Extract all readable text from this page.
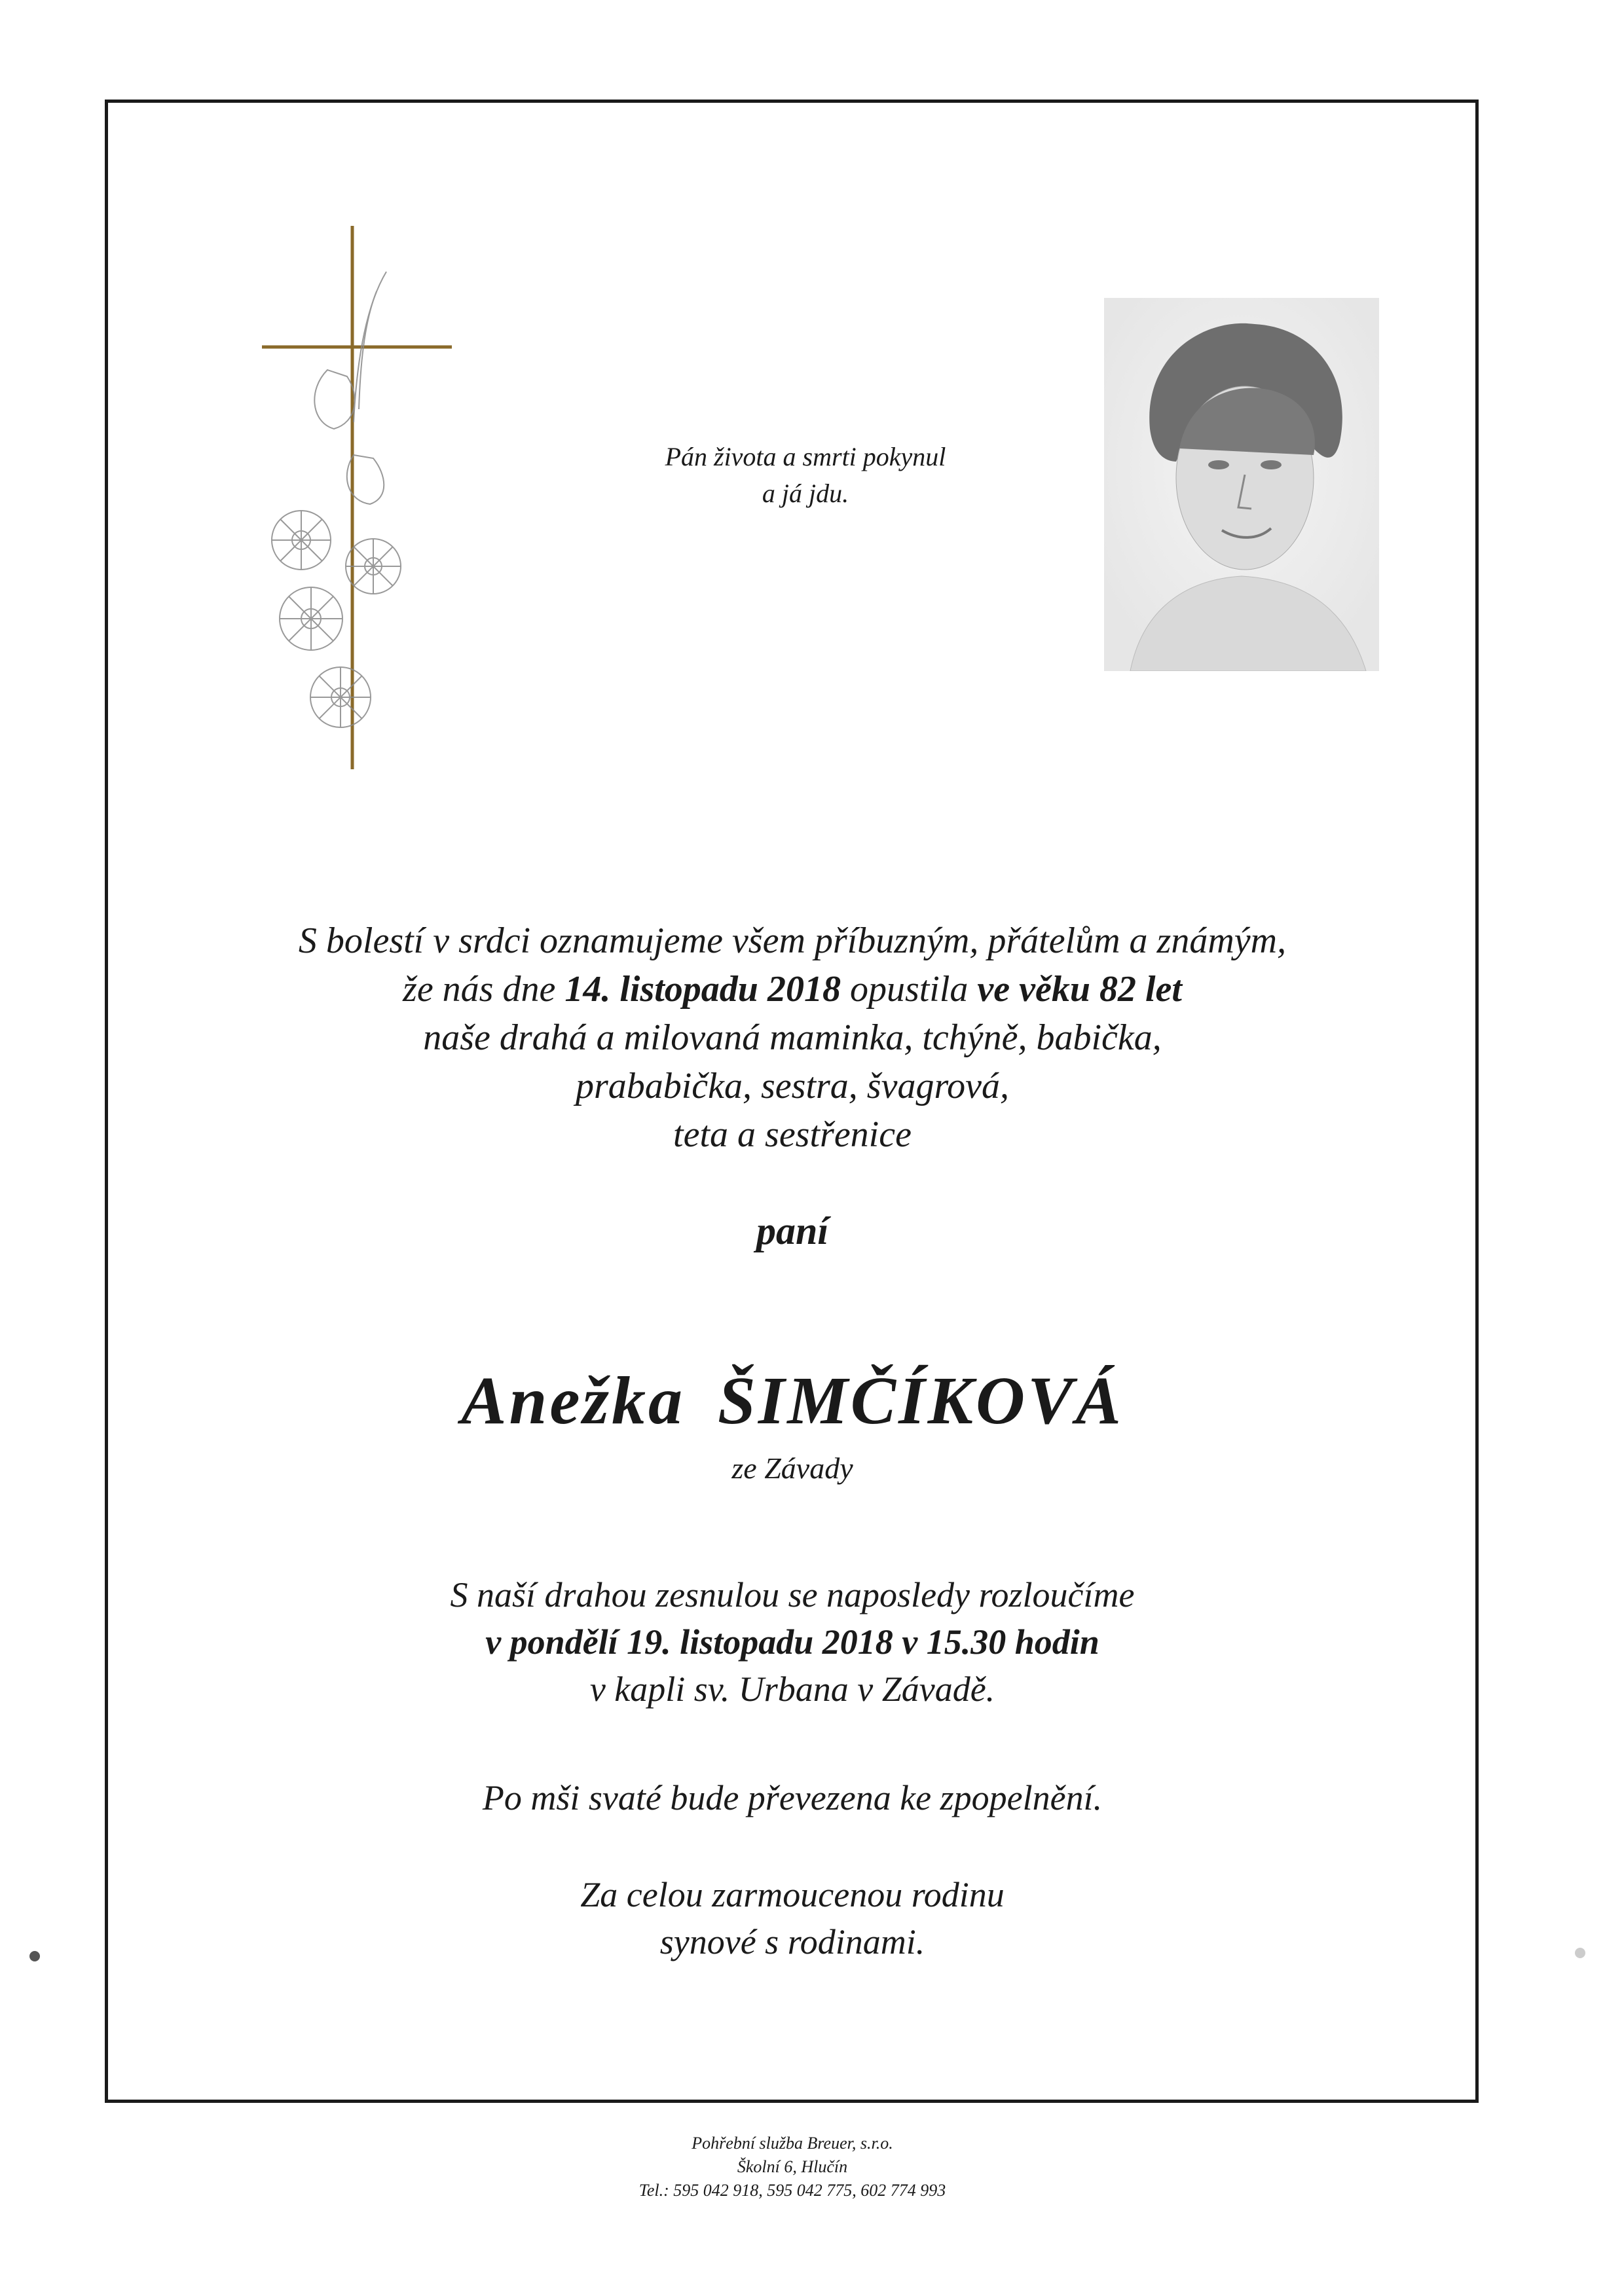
Pán života a smrti pokynul
a já jdu.
S bolestí v srdci oznamujeme všem příbuzným, přátelům a známým,
že nás dne 14. listopadu 2018 opustila ve věku 82 let
naše drahá a milovaná maminka, tchýně, babička,
prababička, sestra, švagrová,
teta a sestřenice
paní
Anežka ŠIMČÍKOVÁ
ze Závady
S naší drahou zesnulou se naposledy rozloučíme
v pondělí 19. listopadu 2018 v 15.30 hodin
v kapli sv. Urbana v Závadě.
Po mši svaté bude převezena ke zpopelnění.
Za celou zarmoucenou rodinu
synové s rodinami.
Pohřební služba Breuer, s.r.o.
Školní 6, Hlučín
Tel.: 595 042 918, 595 042 775, 602 774 993
